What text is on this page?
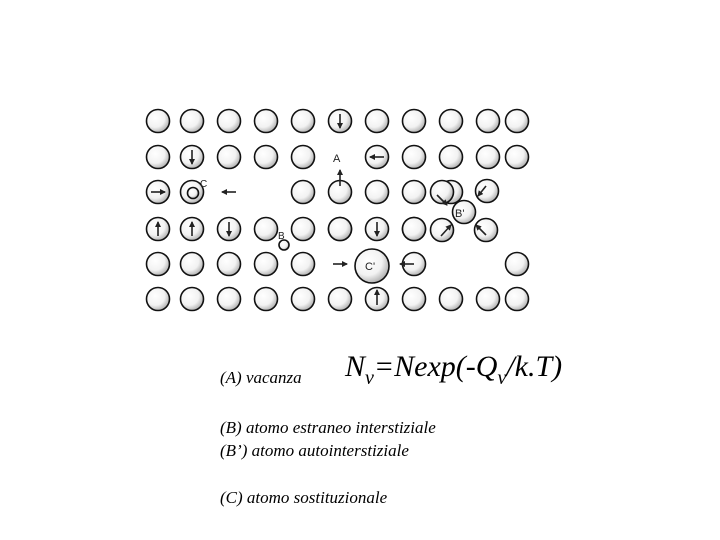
A
C
B
B'
C'
(A) vacanza $N_v=Nexp(-Q_v/k.T)$
(B) atomo estraneo interstiziale
(B’) atomo autointerstiziale
(C) atomo sostituzionale
